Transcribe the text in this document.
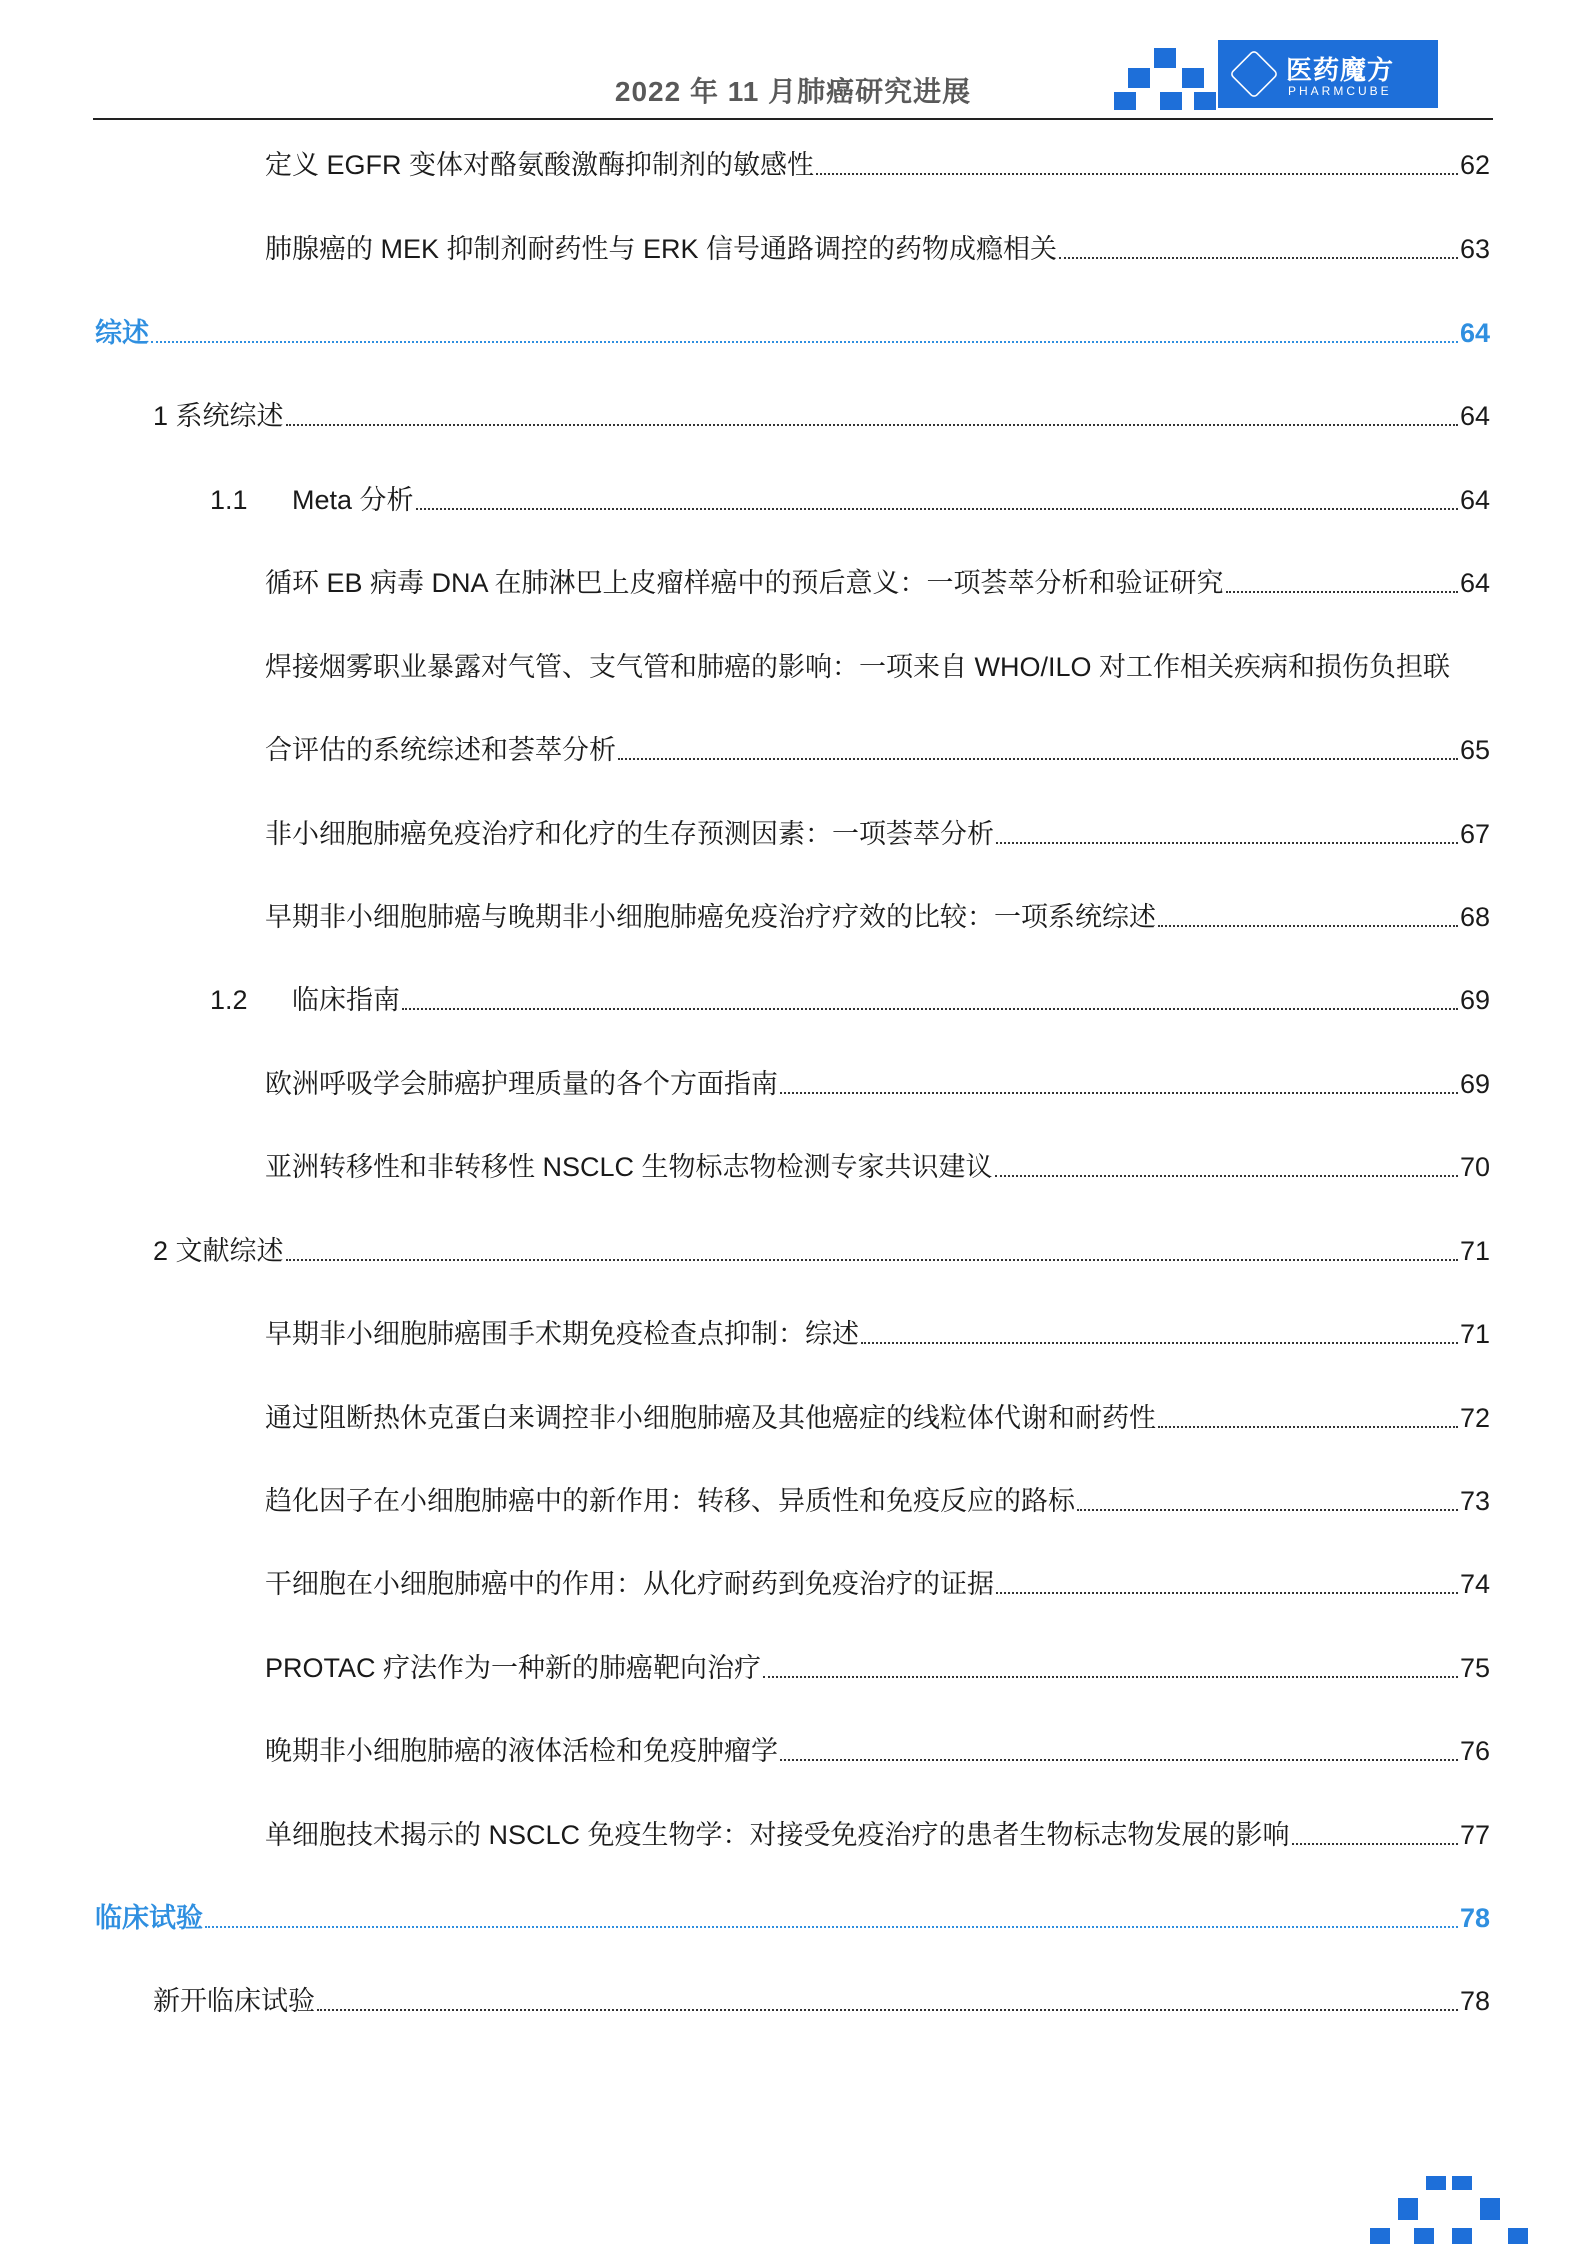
2022 年 11 月肺癌研究进展
医药魔方
PHARMCUBE
定义 EGFR 变体对酪氨酸激酶抑制剂的敏感性	62
肺腺癌的 MEK 抑制剂耐药性与 ERK 信号通路调控的药物成瘾相关	63
综述	64
1 系统综述	64
1.1	Meta 分析	64
循环 EB 病毒 DNA 在肺淋巴上皮瘤样癌中的预后意义：一项荟萃分析和验证研究	64
焊接烟雾职业暴露对气管、支气管和肺癌的影响：一项来自 WHO/ILO 对工作相关疾病和损伤负担联
合评估的系统综述和荟萃分析	65
非小细胞肺癌免疫治疗和化疗的生存预测因素：一项荟萃分析	67
早期非小细胞肺癌与晚期非小细胞肺癌免疫治疗疗效的比较：一项系统综述	68
1.2	临床指南	69
欧洲呼吸学会肺癌护理质量的各个方面指南	69
亚洲转移性和非转移性 NSCLC 生物标志物检测专家共识建议	70
2 文献综述	71
早期非小细胞肺癌围手术期免疫检查点抑制：综述	71
通过阻断热休克蛋白来调控非小细胞肺癌及其他癌症的线粒体代谢和耐药性	72
趋化因子在小细胞肺癌中的新作用：转移、异质性和免疫反应的路标	73
干细胞在小细胞肺癌中的作用：从化疗耐药到免疫治疗的证据	74
PROTAC 疗法作为一种新的肺癌靶向治疗	75
晚期非小细胞肺癌的液体活检和免疫肿瘤学	76
单细胞技术揭示的 NSCLC 免疫生物学：对接受免疫治疗的患者生物标志物发展的影响	77
临床试验	78
新开临床试验	78
